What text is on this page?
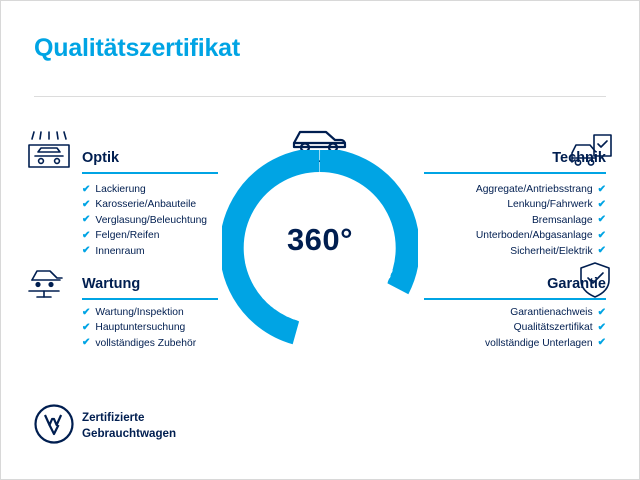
Qualitätszertifikat
Optik
✔ Lackierung
✔ Karosserie/Anbauteile
✔ Verglasung/Beleuchtung
✔ Felgen/Reifen
✔ Innenraum
Technik
Aggregate/Antriebsstrang ✔
Lenkung/Fahrwerk ✔
Bremsanlage ✔
Unterboden/Abgasanlage ✔
Sicherheit/Elektrik ✔
Wartung
✔ Wartung/Inspektion
✔ Hauptuntersuchung
✔ vollständiges Zubehör
Garantie
Garantienachweis ✔
Qualitätszertifikat ✔
vollständige Unterlagen ✔
Gebrauchtwagen-Check
360°
Zertifizierte
Gebrauchtwagen
